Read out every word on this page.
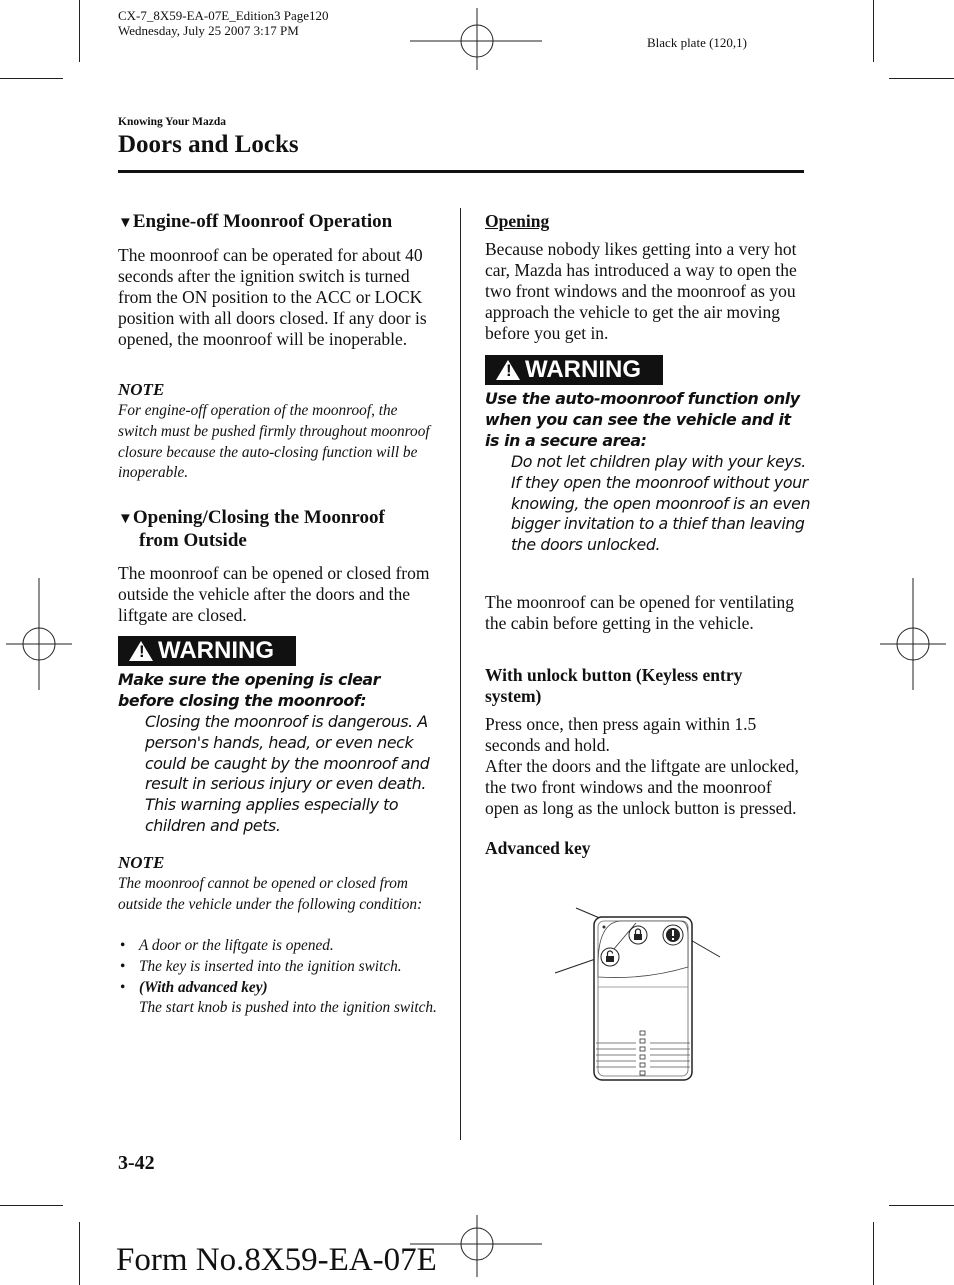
CX-7_8X59-EA-07E_Edition3 Page120
Wednesday, July 25 2007 3:17 PM
Black plate (120,1)
Knowing Your Mazda
Doors and Locks
▼Engine-off Moonroof Operation
The moonroof can be operated for about 40 seconds after the ignition switch is turned from the ON position to the ACC or LOCK position with all doors closed. If any door is opened, the moonroof will be inoperable.
NOTE
For engine-off operation of the moonroof, the switch must be pushed firmly throughout moonroof closure because the auto-closing function will be inoperable.
▼Opening/Closing the Moonroof
from Outside
The moonroof can be opened or closed from outside the vehicle after the doors and the liftgate are closed.
! WARNING
Make sure the opening is clear before closing the moonroof:
Closing the moonroof is dangerous. A person's hands, head, or even neck could be caught by the moonroof and result in serious injury or even death. This warning applies especially to children and pets.
NOTE
The moonroof cannot be opened or closed from outside the vehicle under the following condition:
• A door or the liftgate is opened.
• The key is inserted into the ignition switch.
• (With advanced key)
The start knob is pushed into the ignition switch.
Opening
Because nobody likes getting into a very hot car, Mazda has introduced a way to open the two front windows and the moonroof as you approach the vehicle to get the air moving before you get in.
! WARNING
Use the auto-moonroof function only when you can see the vehicle and it is in a secure area:
Do not let children play with your keys. If they open the moonroof without your knowing, the open moonroof is an even bigger invitation to a thief than leaving the doors unlocked.
The moonroof can be opened for ventilating the cabin before getting in the vehicle.
With unlock button (Keyless entry system)
Press once, then press again within 1.5 seconds and hold.
After the doors and the liftgate are unlocked, the two front windows and the moonroof open as long as the unlock button is pressed.
Advanced key
3-42
Form No.8X59-EA-07E
